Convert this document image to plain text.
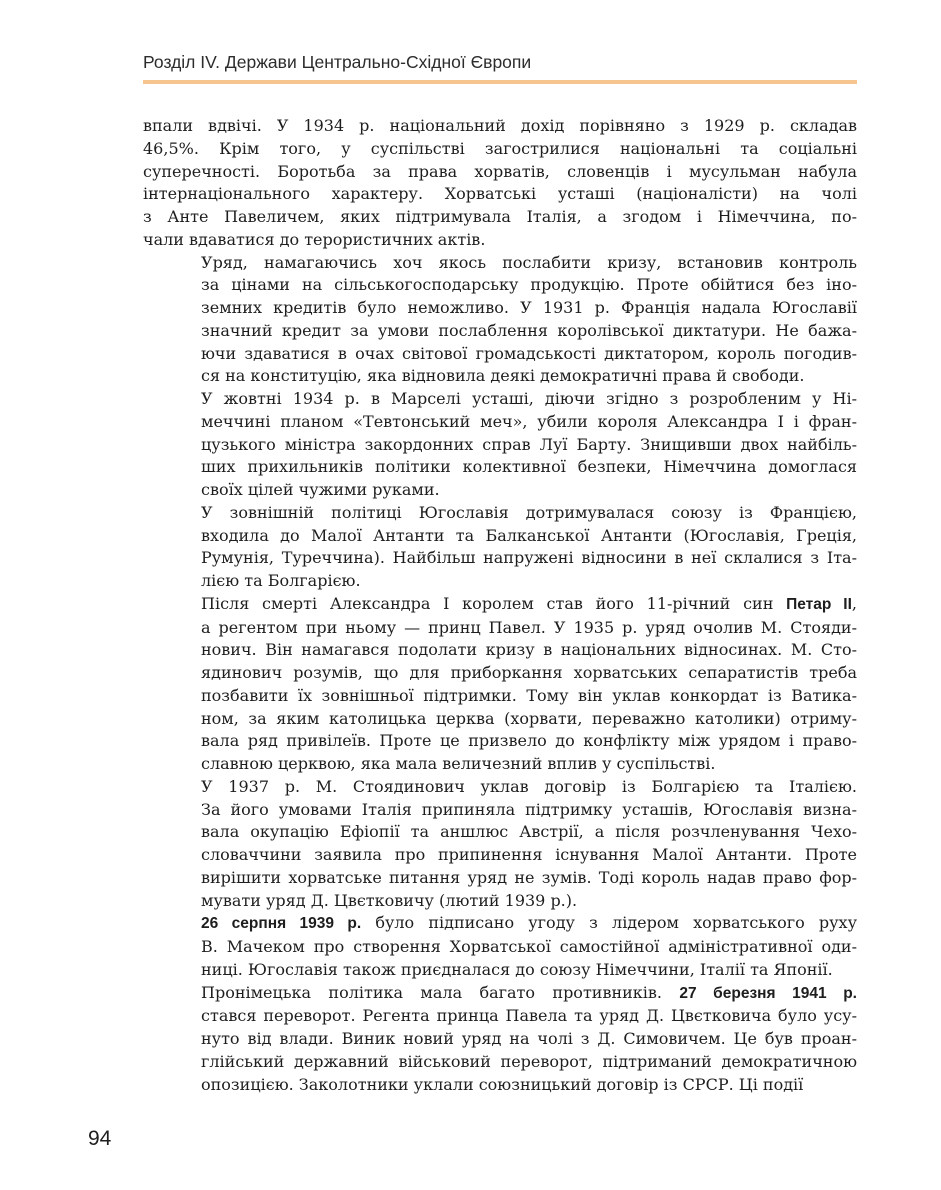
Розділ IV. Держави Центрально-Східної Європи

впали вдвічі. У 1934 р. національний дохід порівняно з 1929 р. складав
46,5%. Крім того, у суспільстві загострилися національні та соціальні
суперечності. Боротьба за права хорватів, словенців і мусульман набула
інтернаціонального характеру. Хорватські усташі (націоналісти) на чолі
з Анте Павеличем, яких підтримувала Італія, а згодом і Німеччина, по-
чали вдаватися до терористичних актів.

Уряд, намагаючись хоч якось послабити кризу, встановив контроль
за цінами на сільськогосподарську продукцію. Проте обійтися без іно-
земних кредитів було неможливо. У 1931 р. Франція надала Югославії
значний кредит за умови послаблення королівської диктатури. Не бажа-
ючи здаватися в очах світової громадськості диктатором, король погодив-
ся на конституцію, яка відновила деякі демократичні права й свободи.

У жовтні 1934 р. в Марселі усташі, діючи згідно з розробленим у Ні-
меччині планом «Тевтонський меч», убили короля Александра І і фран-
цузького міністра закордонних справ Луї Барту. Знищивши двох найбіль-
ших прихильників політики колективної безпеки, Німеччина домоглася
своїх цілей чужими руками.

У зовнішній політиці Югославія дотримувалася союзу із Францією,
входила до Малої Антанти та Балканської Антанти (Югославія, Греція,
Румунія, Туреччина). Найбільш напружені відносини в неї склалися з Іта-
лією та Болгарією.

Після смерті Александра І королем став його 11-річний син Петар ІІ,
а регентом при ньому — принц Павел. У 1935 р. уряд очолив М. Стояди-
нович. Він намагався подолати кризу в національних відносинах. М. Сто-
ядинович розумів, що для приборкання хорватських сепаратистів треба
позбавити їх зовнішньої підтримки. Тому він уклав конкордат із Ватика-
ном, за яким католицька церква (хорвати, переважно католики) отриму-
вала ряд привілеїв. Проте це призвело до конфлікту між урядом і право-
славною церквою, яка мала величезний вплив у суспільстві.

У 1937 р. М. Стоядинович уклав договір із Болгарією та Італією.
За його умовами Італія припиняла підтримку усташів, Югославія визна-
вала окупацію Ефіопії та аншлюс Австрії, а після розчленування Чехо-
словаччини заявила про припинення існування Малої Антанти. Проте
вирішити хорватське питання уряд не зумів. Тоді король надав право фор-
мувати уряд Д. Цвєтковичу (лютий 1939 р.).

26 серпня 1939 р. було підписано угоду з лідером хорватського руху
В. Мачеком про створення Хорватської самостійної адміністративної оди-
ниці. Югославія також приєдналася до союзу Німеччини, Італії та Японії.

Пронімецька політика мала багато противників. 27 березня 1941 р.
стався переворот. Регента принца Павела та уряд Д. Цвєтковича було усу-
нуто від влади. Виник новий уряд на чолі з Д. Симовичем. Це був проан-
глійський державний військовий переворот, підтриманий демократичною
опозицією. Заколотники уклали союзницький договір із СРСР. Ці події

94
